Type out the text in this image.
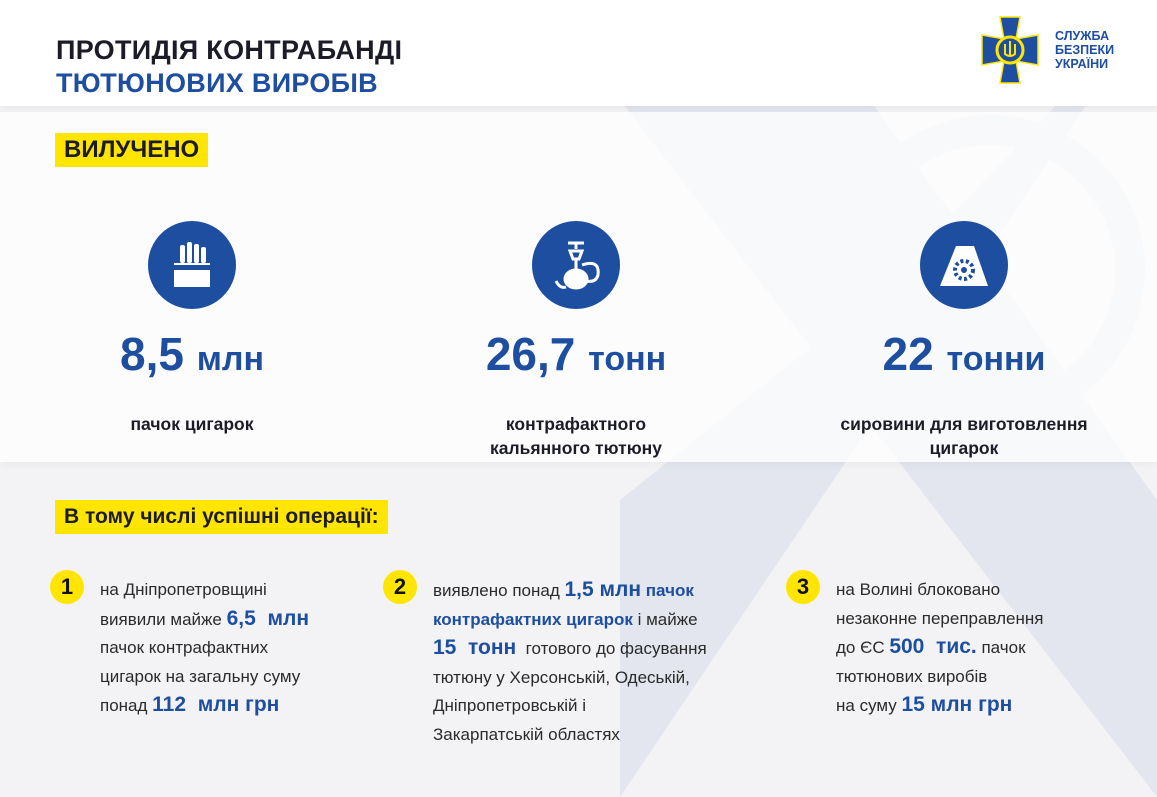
ПРОТИДІЯ КОНТРАБАНДІ
ТЮТЮНОВИХ ВИРОБІВ
СЛУЖБА
БЕЗПЕКИ
УКРАЇНИ
ВИЛУЧЕНО
8,5 млн
пачок цигарок
26,7 тонн
контрафактного
кальянного тютюну
22 тонни
сировини для виготовлення
цигарок
В тому числі успішні операції:
1	на Дніпропетровщині
виявили майже 6,5  млн
пачок контрафактних
цигарок на загальну суму
понад 112  млн грн
2	виявлено понад 1,5 млн пачок
контрафактних цигарок і майже
15  тонн  готового до фасування
тютюну у Херсонській, Одеській,
Дніпропетровській і
Закарпатській областях
3	на Волині блоковано
незаконне переправлення
до ЄС 500  тис. пачок
тютюнових виробів
на суму 15 млн грн
